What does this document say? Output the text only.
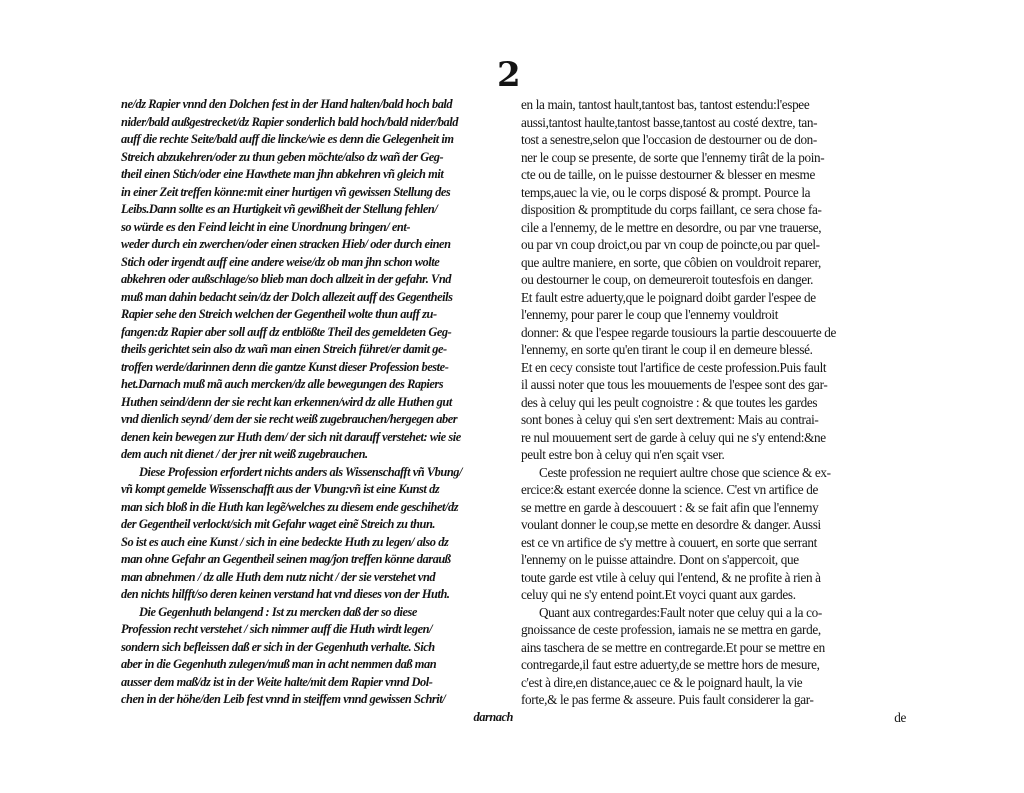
2
ne/dz Rapier vnnd den Dolchen fest in der Hand halten/bald hoch bald
nider/bald außgestrecket/dz Rapier sonderlich bald hoch/bald nider/bald
auff die rechte Seite/bald auff die lincke/wie es denn die Gelegenheit im
Streich abzukehren/oder zu thun geben möchte/also dz wañ der Geg-
theil einen Stich/oder eine Hawthete man jhn abkehren vñ gleich mit
in einer Zeit treffen könne:mit einer hurtigen vñ gewissen Stellung des
Leibs.Dann sollte es an Hurtigkeit vñ gewißheit der Stellung fehlen/
so würde es den Feind leicht in eine Unordnung bringen/ ent-
weder durch ein zwerchen/oder einen stracken Hieb/ oder durch einen
Stich oder irgendt auff eine andere weise/dz ob man jhn schon wolte
abkehren oder außschlage/so blieb man doch allzeit in der gefahr. Vnd
muß man dahin bedacht sein/dz der Dolch allezeit auff des Gegentheils
Rapier sehe den Streich welchen der Gegentheil wolte thun auff zu-
fangen:dz Rapier aber soll auff dz entblößte Theil des gemeldeten Geg-
theils gerichtet sein also dz wañ man einen Streich führet/er damit ge-
troffen werde/darinnen denn die gantze Kunst dieser Profession beste-
het.Darnach muß mã auch mercken/dz alle bewegungen des Rapiers
Huthen seind/denn der sie recht kan erkennen/wird dz alle Huthen gut
vnd dienlich seynd/ dem der sie recht weiß zugebrauchen/hergegen aber
denen kein bewegen zur Huth dem/ der sich nit darauff verstehet: wie sie
dem auch nit dienet / der jrer nit weiß zugebrauchen.
Diese Profession erfordert nichts anders als Wissenschafft vñ Vbung/
vñ kompt gemelde Wissenschafft aus der Vbung:vñ ist eine Kunst dz
man sich bloß in die Huth kan legẽ/welches zu diesem ende geschihet/dz
der Gegentheil verlockt/sich mit Gefahr waget einẽ Streich zu thun.
So ist es auch eine Kunst / sich in eine bedeckte Huth zu legen/ also dz
man ohne Gefahr an Gegentheil seinen mag/jon treffen könne darauß
man abnehmen / dz alle Huth dem nutz nicht / der sie verstehet vnd
den nichts hilfft/so deren keinen verstand hat vnd dieses von der Huth.
Die Gegenhuth belangend : Ist zu mercken daß der so diese
Profession recht verstehet / sich nimmer auff die Huth wirdt legen/
sondern sich befleissen daß er sich in der Gegenhuth verhalte. Sich
aber in die Gegenhuth zulegen/muß man in acht nemmen daß man
ausser dem maß/dz ist in der Weite halte/mit dem Rapier vnnd Dol-
chen in der höhe/den Leib fest vnnd in steiffem vnnd gewissen Schrit/
darnach
en la main, tantost hault,tantost bas, tantost estendu:l'espee
aussi,tantost haulte,tantost basse,tantost au costé dextre, tan-
tost a senestre,selon que l'occasion de destourner ou de don-
ner le coup se presente, de sorte que l'ennemy tirât de la poin-
cte ou de taille, on le puisse destourner & blesser en mesme
temps,auec la vie, ou le corps disposé & prompt. Pource la
disposition & promptitude du corps faillant, ce sera chose fa-
cile a l'ennemy, de le mettre en desordre, ou par vne trauerse,
ou par vn coup droict,ou par vn coup de poincte,ou par quel-
que aultre maniere, en sorte, que côbien on vouldroit reparer,
ou destourner le coup, on demeureroit toutesfois en danger.
Et fault estre aduerty,que le poignard doibt garder l'espee de
l'ennemy, pour parer le coup que l'ennemy vouldroit
donner: & que l'espee regarde tousiours la partie descouuerte de
l'ennemy, en sorte qu'en tirant le coup il en demeure blessé.
Et en cecy consiste tout l'artifice de ceste profession.Puis fault
il aussi noter que tous les mouuements de l'espee sont des gar-
des à celuy qui les peult cognoistre : & que toutes les gardes
sont bones à celuy qui s'en sert dextrement: Mais au contrai-
re nul mouuement sert de garde à celuy qui ne s'y entend:&ne
peult estre bon à celuy qui n'en sçait vser.
Ceste profession ne requiert aultre chose que science & ex-
ercice:& estant exercée donne la science. C'est vn artifice de
se mettre en garde à descouuert : & se fait afin que l'ennemy
voulant donner le coup,se mette en desordre & danger. Aussi
est ce vn artifice de s'y mettre à couuert, en sorte que serrant
l'ennemy on le puisse attaindre. Dont on s'appercoit, que
toute garde est vtile à celuy qui l'entend, & ne profite à rien à
celuy qui ne s'y entend point.Et voyci quant aux gardes.
Quant aux contregardes:Fault noter que celuy qui a la co-
gnoissance de ceste profession, iamais ne se mettra en garde,
ains taschera de se mettre en contregarde.Et pour se mettre en
contregarde,il faut estre aduerty,de se mettre hors de mesure,
c'est à dire,en distance,auec ce & le poignard hault, la vie
forte,& le pas ferme & asseure. Puis fault considerer la gar-
de
